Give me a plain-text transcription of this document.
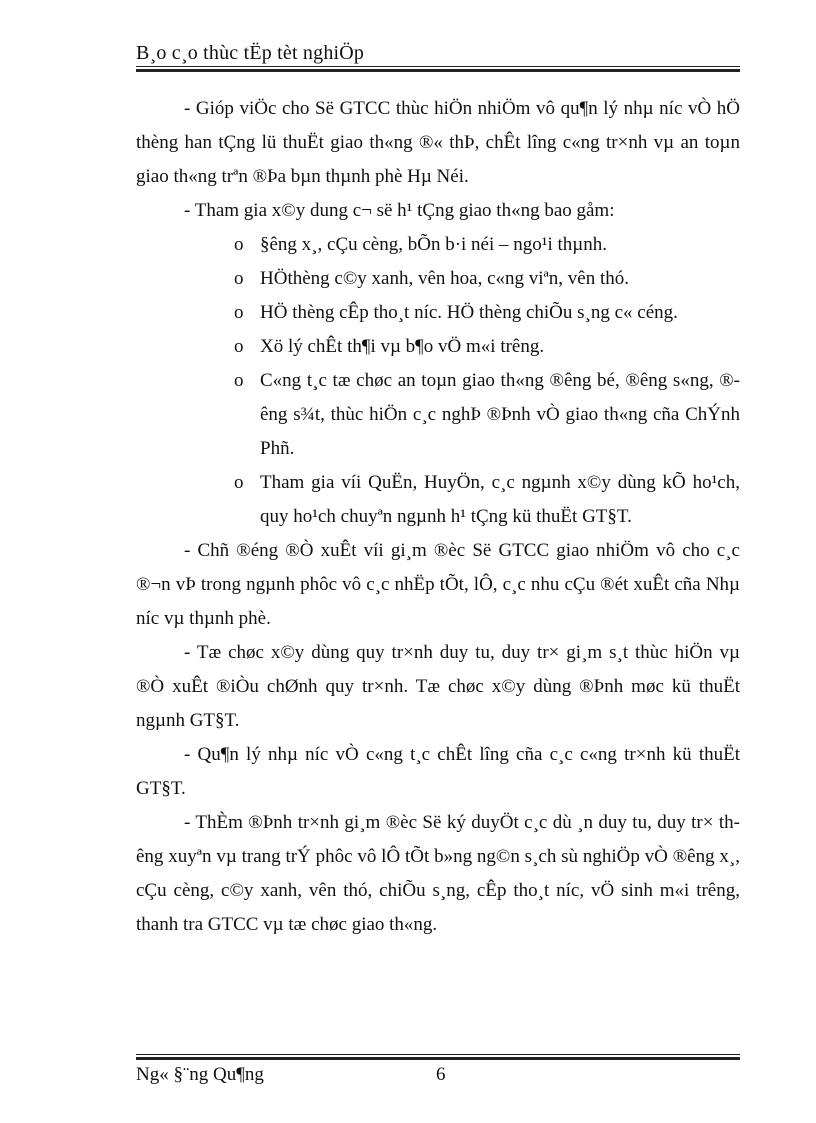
B¸o c¸o thùc tËp tèt nghiÖp

- Gióp viÖc cho Së GTCC thùc hiÖn nhiÖm vô qu¶n lý nhµ níc vÒ hÖ thèng han tÇng lü thuËt giao th«ng ®« thÞ, chÊt lîng c«ng tr×nh vµ an toµn giao th«ng trªn ®Þa bµn thµnh phè Hµ Néi.

- Tham gia x©y dung c¬ së h¹ tÇng giao th«ng bao gåm:

o §êng x¸, cÇu cèng, bÕn b·i néi – ngo¹i thµnh.
o HÖthèng c©y xanh, vên hoa, c«ng viªn, vên thó.
o HÖ thèng cÊp tho¸t níc. HÖ thèng chiÕu s¸ng c« céng.
o Xö lý chÊt th¶i vµ b¶o vÖ m«i trêng.
o C«ng t¸c tæ chøc an toµn giao th«ng ®êng bé, ®êng s«ng, ®êng s¾t, thùc hiÖn c¸c nghÞ ®Þnh vÒ giao th«ng cña ChÝnh Phñ.
o Tham gia víi QuËn, HuyÖn, c¸c ngµnh x©y dùng kÕ ho¹ch, quy ho¹ch chuyªn ngµnh h¹ tÇng kü thuËt GT§T.

- Chñ ®éng ®Ò xuÊt víi gi¸m ®èc Së GTCC giao nhiÖm vô cho c¸c ®¬n vÞ trong ngµnh phôc vô c¸c nhËp tÕt, lÔ, c¸c nhu cÇu ®ét xuÊt cña Nhµ níc vµ thµnh phè.

- Tæ chøc x©y dùng quy tr×nh duy tu, duy tr× gi¸m s¸t thùc hiÖn vµ ®Ò xuÊt ®iÒu chØnh quy tr×nh. Tæ chøc x©y dùng ®Þnh møc kü thuËt ngµnh GT§T.

- Qu¶n lý nhµ níc vÒ c«ng t¸c chÊt lîng cña c¸c c«ng tr×nh kü thuËt GT§T.

- ThÈm ®Þnh tr×nh gi¸m ®èc Së ký duyÖt c¸c dù ¸n duy tu, duy tr× thêng xuyªn vµ trang trÝ phôc vô lÔ tÕt b»ng ng©n s¸ch sù nghiÖp vÒ ®êng x¸, cÇu cèng, c©y xanh, vên thó, chiÕu s¸ng, cÊp tho¸t níc, vÖ sinh m«i trêng, thanh tra GTCC vµ tæ chøc giao th«ng.

Ng« §¨ng Qu¶ng	6
